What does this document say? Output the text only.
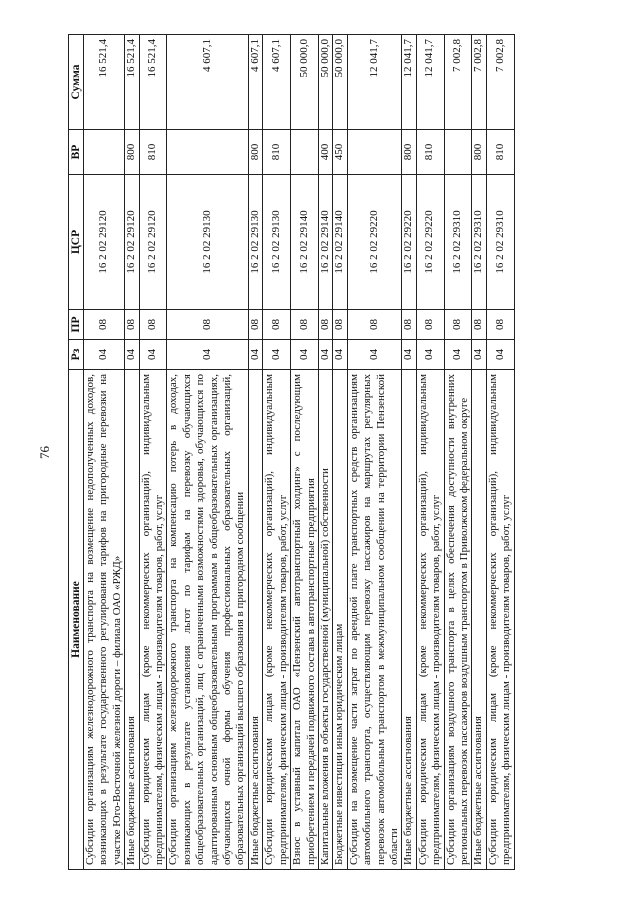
76
Наименование	Рз	ПР	ЦСР	ВР	Сумма
Субсидии организациям железнодорожного транспорта на возмещение недополученных доходов, возникающих в результате государственного регулирования тарифов на пригородные перевозки на участке Юго-Восточной железной дороги – филиала ОАО «РЖД»	04	08	16 2 02 29120		16 521,4
Иные бюджетные ассигнования	04	08	16 2 02 29120	800	16 521,4
Субсидии юридическим лицам (кроме некоммерческих организаций), индивидуальным предпринимателям, физическим лицам - производителям товаров, работ, услуг	04	08	16 2 02 29120	810	16 521,4
Субсидии организациям железнодорожного транспорта на компенсацию потерь в доходах, возникающих в результате установления льгот по тарифам на перевозку обучающихся общеобразовательных организаций, лиц с ограниченными возможностями здоровья, обучающихся по адаптированным основным общеобразовательным программам в общеобразовательных организациях, обучающихся очной формы обучения профессиональных образовательных организаций, образовательных организаций высшего образования в пригородном сообщении	04	08	16 2 02 29130		4 607,1
Иные бюджетные ассигнования	04	08	16 2 02 29130	800	4 607,1
Субсидии юридическим лицам (кроме некоммерческих организаций), индивидуальным предпринимателям, физическим лицам - производителям товаров, работ, услуг	04	08	16 2 02 29130	810	4 607,1
Взнос в уставный капитал ОАО «Пензенский автотранспортный холдинг» с последующим приобретением и передачей подвижного состава в автотранспортные предприятия	04	08	16 2 02 29140		50 000,0
Капитальные вложения в объекты государственной (муниципальной) собственности	04	08	16 2 02 29140	400	50 000,0
Бюджетные инвестиции иным юридическим лицам	04	08	16 2 02 29140	450	50 000,0
Субсидии на возмещение части затрат по арендной плате транспортных средств организациям автомобильного транспорта, осуществляющим перевозку пассажиров на маршрутах регулярных перевозок автомобильным транспортом в межмуниципальном сообщении на территории Пензенской области	04	08	16 2 02 29220		12 041,7
Иные бюджетные ассигнования	04	08	16 2 02 29220	800	12 041,7
Субсидии юридическим лицам (кроме некоммерческих организаций), индивидуальным предпринимателям, физическим лицам - производителям товаров, работ, услуг	04	08	16 2 02 29220	810	12 041,7
Субсидии организациям воздушного транспорта в целях обеспечения доступности внутренних региональных перевозок пассажиров воздушным транспортом в Приволжском федеральном округе	04	08	16 2 02 29310		7 002,8
Иные бюджетные ассигнования	04	08	16 2 02 29310	800	7 002,8
Субсидии юридическим лицам (кроме некоммерческих организаций), индивидуальным предпринимателям, физическим лицам - производителям товаров, работ, услуг	04	08	16 2 02 29310	810	7 002,8
